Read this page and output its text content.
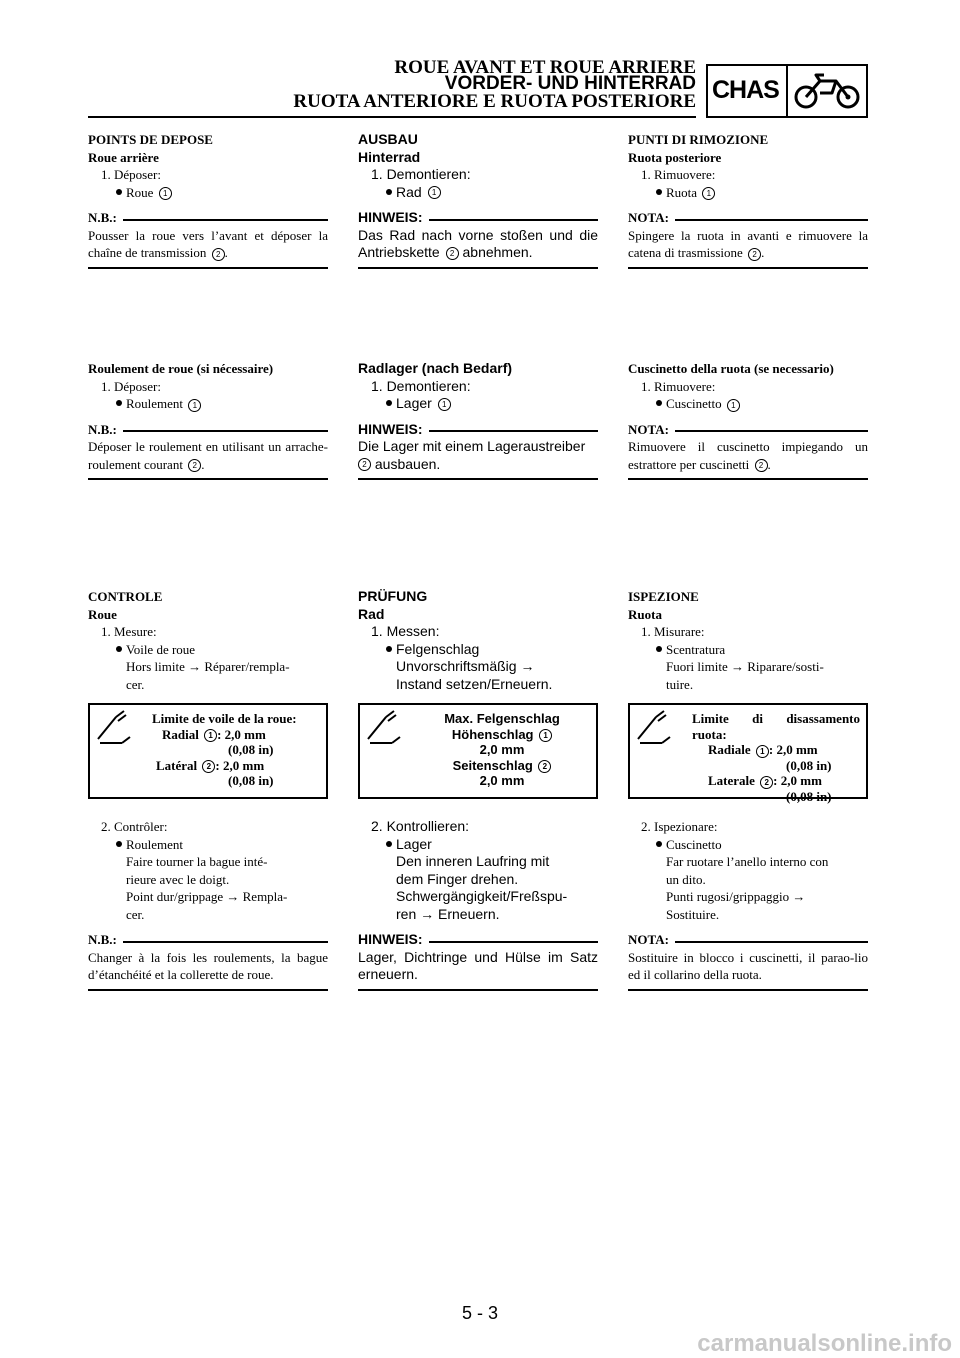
ROUE AVANT ET ROUE ARRIERE
VORDER- UND HINTERRAD
RUOTA ANTERIORE E RUOTA POSTERIORE CHAS
POINTS DE DEPOSE
Roue arrière
1. Déposer:
Roue 1
N.B.:
Pousser la roue vers l’avant et déposer la chaîne de transmission 2 .
Roulement de roue (si nécessaire)
1. Déposer:
Roulement 1
N.B.:
Déposer le roulement en utilisant un arrache-roulement courant 2 .
CONTROLE
Roue
1. Mesure:
Voile de roue
Hors limite → Réparer/rempla-
cer.
Limite de voile de la roue:
Radial 1 : 2,0 mm
(0,08 in)
Latéral 2 : 2,0 mm
(0,08 in)
2. Contrôler:
Roulement
Faire tourner la bague inté-
rieure avec le doigt.
Point dur/grippage → Rempla-
cer.
N.B.:
Changer à la fois les roulements, la bague d’étanchéité et la collerette de roue.
AUSBAU
Hinterrad
1. Demontieren:
Rad 1
HINWEIS:
Das Rad nach vorne stoßen und die Antriebskette 2 abnehmen.
Radlager (nach Bedarf)
1. Demontieren:
Lager 1
HINWEIS:
Die Lager mit einem Lageraustreiber
2 ausbauen.
PRÜFUNG
Rad
1. Messen:
Felgenschlag
Unvorschriftsmäßig →
Instand setzen/Erneuern.
Max. Felgenschlag
Höhenschlag 1
2,0 mm
Seitenschlag 2
2,0 mm
2. Kontrollieren:
Lager
Den inneren Laufring mit
dem Finger drehen.
Schwergängigkeit/Freßspu-
ren → Erneuern.
HINWEIS:
Lager, Dichtringe und Hülse im Satz erneuern.
PUNTI DI RIMOZIONE
Ruota posteriore
1. Rimuovere:
Ruota 1
NOTA:
Spingere la ruota in avanti e rimuovere la catena di trasmissione 2 .
Cuscinetto della ruota (se necessario)
1. Rimuovere:
Cuscinetto 1
NOTA:
Rimuovere il cuscinetto impiegando un estrattore per cuscinetti 2 .
ISPEZIONE
Ruota
1. Misurare:
Scentratura
Fuori limite → Riparare/sosti-
tuire.
Limite di disassamento
ruota:
Radiale 1 : 2,0 mm
(0,08 in)
Laterale 2 : 2,0 mm
(0,08 in)
2. Ispezionare:
Cuscinetto
Far ruotare l’anello interno con
un dito.
Punti rugosi/grippaggio →
Sostituire.
NOTA:
Sostituire in blocco i cuscinetti, il parao-lio ed il collarino della ruota.
5 - 3
carmanualsonline.info
